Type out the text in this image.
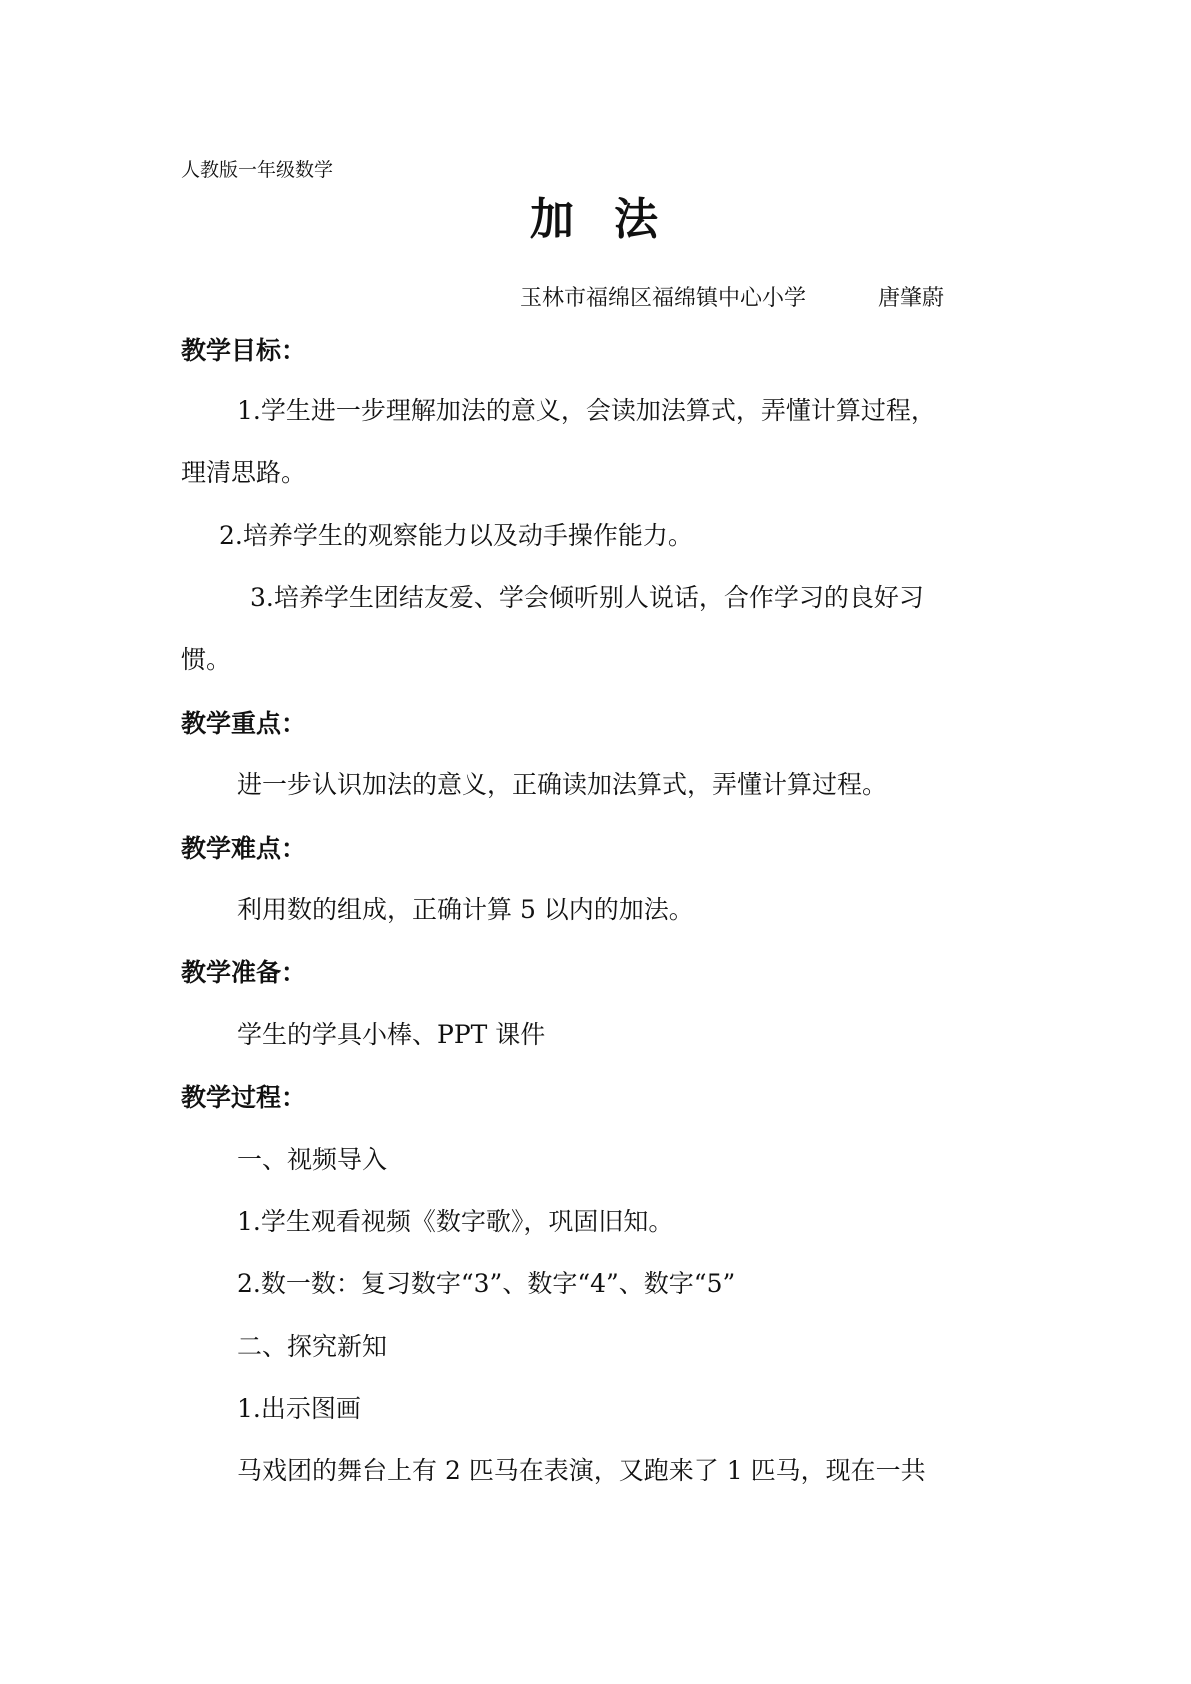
人教版一年级数学
加法
玉林市福绵区福绵镇中心小学	唐肇蔚
教学目标：
1.学生进一步理解加法的意义，会读加法算式，弄懂计算过程，
理清思路。
2.培养学生的观察能力以及动手操作能力。
3.培养学生团结友爱、学会倾听别人说话，合作学习的良好习
惯。
教学重点：
进一步认识加法的意义，正确读加法算式，弄懂计算过程。
教学难点：
利用数的组成，正确计算 5 以内的加法。
教学准备：
学生的学具小棒、PPT 课件
教学过程：
一、视频导入
1.学生观看视频《数字歌》，巩固旧知。
2.数一数：复习数字“3”、数字“4”、数字“5”
二、探究新知
1.出示图画
马戏团的舞台上有 2 匹马在表演，又跑来了 1 匹马，现在一共
